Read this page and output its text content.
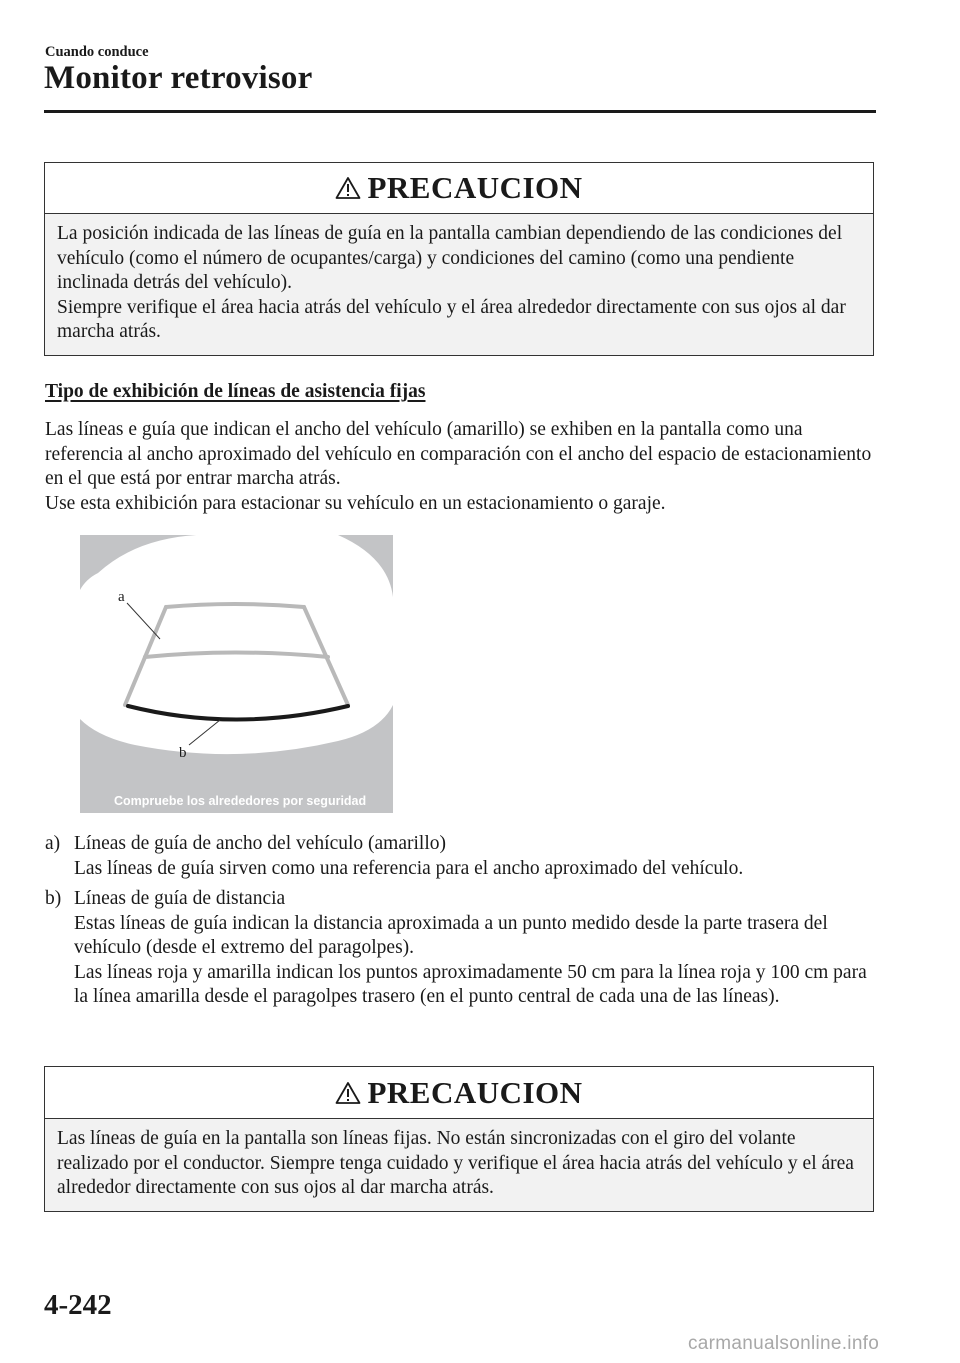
Cuando conduce
Monitor retrovisor
PRECAUCION

La posición indicada de las líneas de guía en la pantalla cambian dependiendo de las condiciones del vehículo (como el número de ocupantes/carga) y condiciones del camino (como una pendiente inclinada detrás del vehículo).

Siempre verifique el área hacia atrás del vehículo y el área alrededor directamente con sus ojos al dar marcha atrás.

Tipo de exhibición de líneas de asistencia fijas

Las líneas e guía que indican el ancho del vehículo (amarillo) se exhiben en la pantalla como una referencia al ancho aproximado del vehículo en comparación con el ancho del espacio de estacionamiento en el que está por entrar marcha atrás.

Use esta exhibición para estacionar su vehículo en un estacionamiento o garaje.

a
b
Compruebe los alrededores por seguridad
a) Líneas de guía de ancho del vehículo (amarillo)

Las líneas de guía sirven como una referencia para el ancho aproximado del vehículo.

b) Líneas de guía de distancia

Estas líneas de guía indican la distancia aproximada a un punto medido desde la parte trasera del vehículo (desde el extremo del paragolpes).

Las líneas roja y amarilla indican los puntos aproximadamente 50 cm para la línea roja y 100 cm para la línea amarilla desde el paragolpes trasero (en el punto central de cada una de las líneas).

PRECAUCION

Las líneas de guía en la pantalla son líneas fijas. No están sincronizadas con el giro del volante realizado por el conductor. Siempre tenga cuidado y verifique el área hacia atrás del vehículo y el área alrededor directamente con sus ojos al dar marcha atrás.

4-242
carmanualsonline.info
